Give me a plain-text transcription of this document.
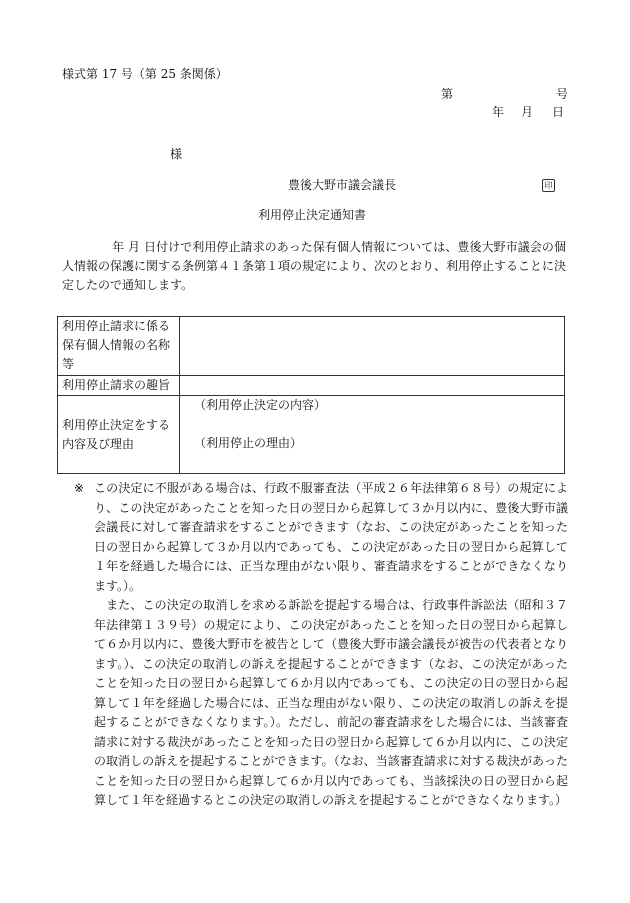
様式第 17 号（第 25 条関係）
第	号
年 月 日
様
豊後大野市議会議長	印
利用停止決定通知書
年 月 日付けで利用停止請求のあった保有個人情報については、豊後大野市議会の個人情報の保護に関する条例第４１条第１項の規定により、次のとおり、利用停止することに決定したので通知します。
利用停止請求に係る保有個人情報の名称等	
利用停止請求の趣旨	
利用停止決定をする内容及び理由	（利用停止決定の内容）
（利用停止の理由）
※ この決定に不服がある場合は、行政不服審査法（平成２６年法律第６８号）の規定により、この決定があったことを知った日の翌日から起算して３か月以内に、豊後大野市議会議長に対して審査請求をすることができます（なお、この決定があったことを知った日の翌日から起算して３か月以内であっても、この決定があった日の翌日から起算して１年を経過した場合には、正当な理由がない限り、審査請求をすることができなくなります。）。
また、この決定の取消しを求める訴訟を提起する場合は、行政事件訴訟法（昭和３７年法律第１３９号）の規定により、この決定があったことを知った日の翌日から起算して６か月以内に、豊後大野市を被告として（豊後大野市議会議長が被告の代表者となります。）、この決定の取消しの訴えを提起することができます（なお、この決定があったことを知った日の翌日から起算して６か月以内であっても、この決定の日の翌日から起算して１年を経過した場合には、正当な理由がない限り、この決定の取消しの訴えを提起することができなくなります。）。ただし、前記の審査請求をした場合には、当該審査請求に対する裁決があったことを知った日の翌日から起算して６か月以内に、この決定の取消しの訴えを提起することができます。（なお、当該審査請求に対する裁決があったことを知った日の翌日から起算して６か月以内であっても、当該採決の日の翌日から起算して１年を経過するとこの決定の取消しの訴えを提起することができなくなります。）
